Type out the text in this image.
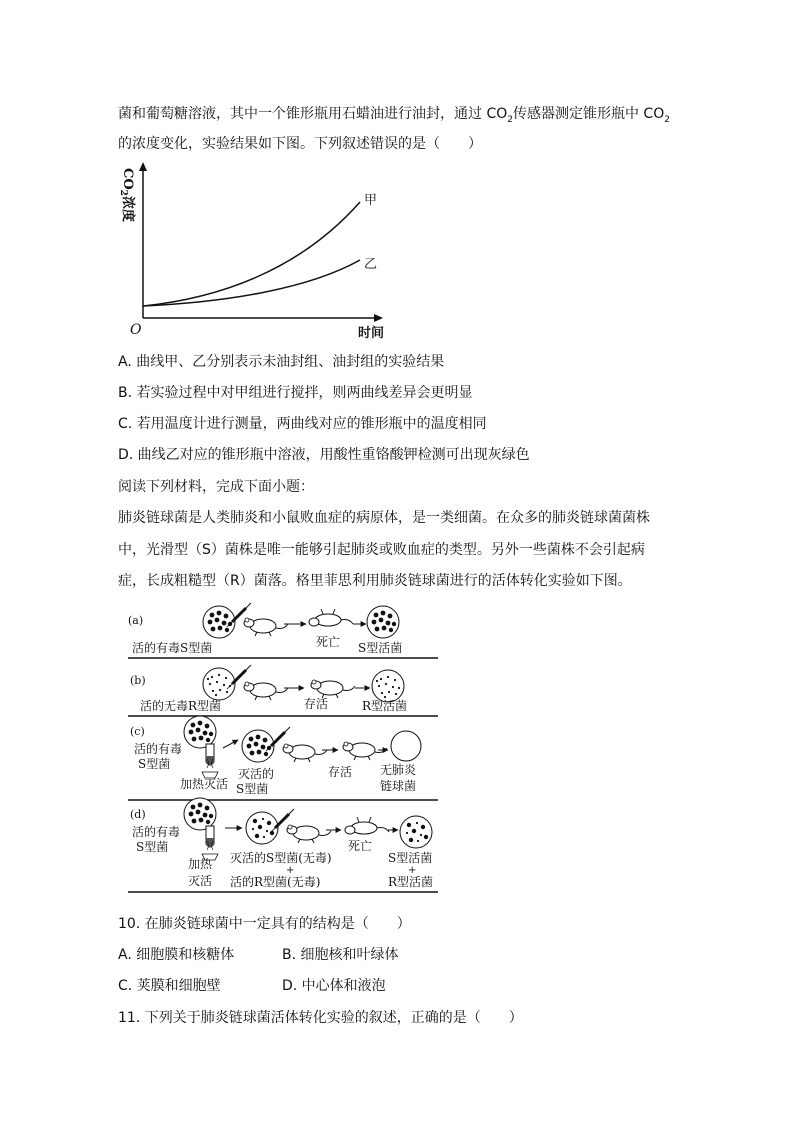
菌和葡萄糖溶液，其中一个锥形瓶用石蜡油进行油封，通过 $CO_2$传感器测定锥形瓶中 $CO_2$
的浓度变化，实验结果如下图。下列叙述错误的是（　　）
$CO_2$浓度
O	时间
甲
乙
A. 曲线甲、乙分别表示未油封组、油封组的实验结果
B. 若实验过程中对甲组进行搅拌，则两曲线差异会更明显
C. 若用温度计进行测量，两曲线对应的锥形瓶中的温度相同
D. 曲线乙对应的锥形瓶中溶液，用酸性重铬酸钾检测可出现灰绿色
阅读下列材料，完成下面小题：
肺炎链球菌是人类肺炎和小鼠败血症的病原体，是一类细菌。在众多的肺炎链球菌菌株
中，光滑型（S）菌株是唯一能够引起肺炎或败血症的类型。另外一些菌株不会引起病
症，长成粗糙型（R）菌落。格里菲思利用肺炎链球菌进行的活体转化实验如下图。
(a)
活的有毒S型菌	死亡 S型活菌
(b)
活的无毒R型菌	存活	R型活菌
(c)
活的有毒
S型菌
加热灭活
灭活的
S型菌
存活 无肺炎
链球菌
(d)
活的有毒
S型菌
加热
灭活
灭活的S型菌(无毒)
+
活的R型菌(无毒)
死亡
S型活菌
+
R型活菌
10. 在肺炎链球菌中一定具有的结构是（　　）
A. 细胞膜和核糖体	B. 细胞核和叶绿体
C. 荚膜和细胞壁	D. 中心体和液泡
11. 下列关于肺炎链球菌活体转化实验的叙述，正确的是（　　）
